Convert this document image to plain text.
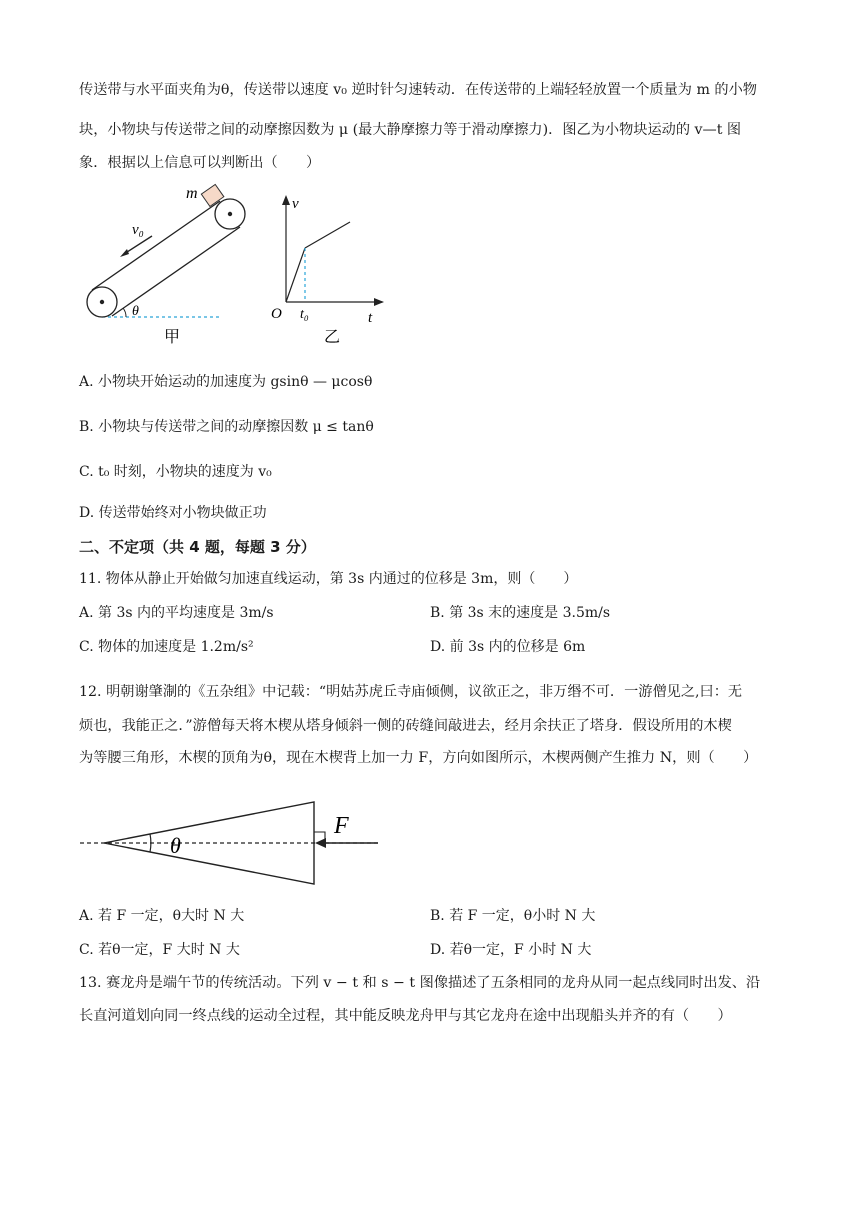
传送带与水平面夹角为θ，传送带以速度 v₀ 逆时针匀速转动．在传送带的上端轻轻放置一个质量为 m 的小物
块，小物块与传送带之间的动摩擦因数为 μ (最大静摩擦力等于滑动摩擦力)．图乙为小物块运动的 v—t 图
象．根据以上信息可以判断出（　　）
m
v₀
θ
甲
v
O t₀	t
乙
A. 小物块开始运动的加速度为 gsinθ — μcosθ
B. 小物块与传送带之间的动摩擦因数 μ ≤ tanθ
C. t₀ 时刻，小物块的速度为 v₀
D. 传送带始终对小物块做正功
二、不定项（共 4 题，每题 3 分）
11. 物体从静止开始做匀加速直线运动，第 3s 内通过的位移是 3m，则（　　）
A. 第 3s 内的平均速度是 3m/s	B. 第 3s 末的速度是 3.5m/s
C. 物体的加速度是 1.2m/s²	D. 前 3s 内的位移是 6m
12. 明朝谢肇淛的《五杂组》中记载：“明姑苏虎丘寺庙倾侧，议欲正之，非万缗不可．一游僧见之,曰：无
烦也，我能正之．”游僧每天将木楔从塔身倾斜一侧的砖缝间敲进去，经月余扶正了塔身．假设所用的木楔
为等腰三角形，木楔的顶角为θ，现在木楔背上加一力 F，方向如图所示，木楔两侧产生推力 N，则（　　）
θ
F
A. 若 F 一定，θ大时 N 大	B. 若 F 一定，θ小时 N 大
C. 若θ一定，F 大时 N 大	D. 若θ一定，F 小时 N 大
13. 赛龙舟是端午节的传统活动。下列 v − t 和 s − t 图像描述了五条相同的龙舟从同一起点线同时出发、沿
长直河道划向同一终点线的运动全过程，其中能反映龙舟甲与其它龙舟在途中出现船头并齐的有（　　）
